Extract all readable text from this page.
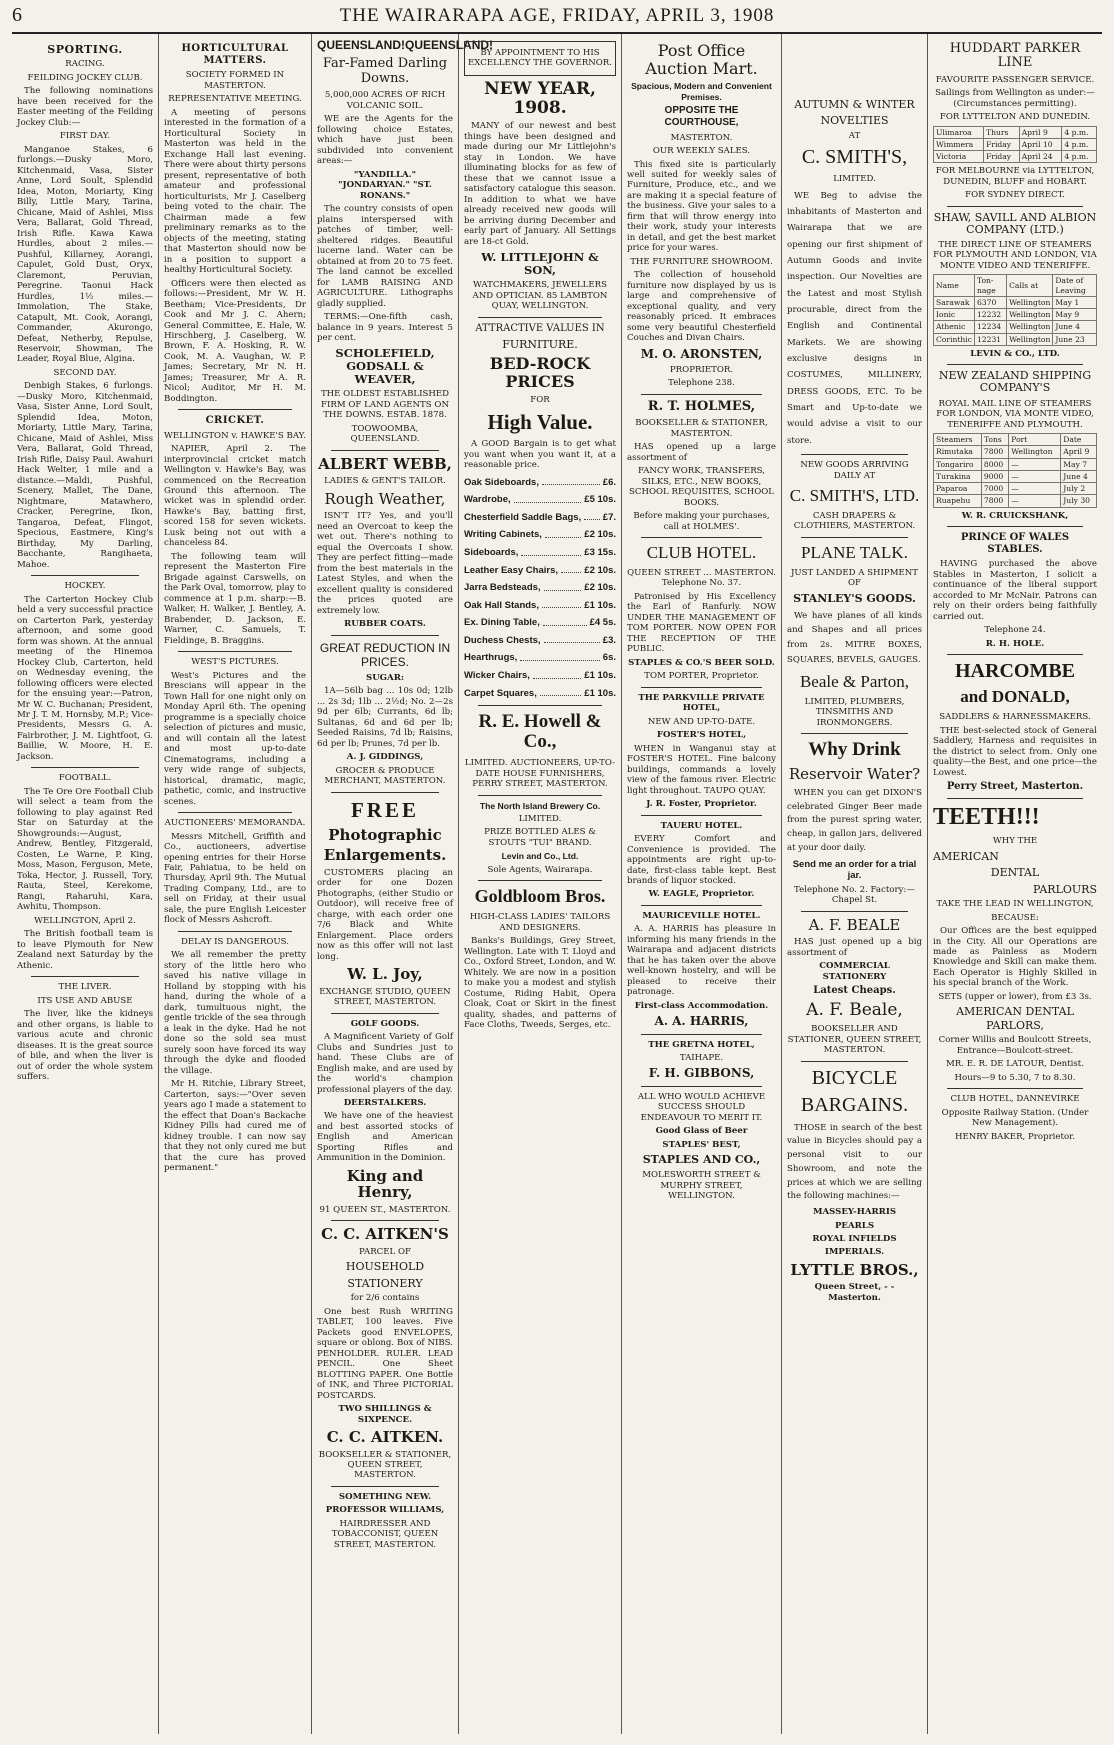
6	THE WAIRARAPA AGE, FRIDAY, APRIL 3, 1908
SPORTING.
RACING.
FEILDING JOCKEY CLUB.
The following nominations have been received for the Easter meeting of the Feilding Jockey Club:—
FIRST DAY.
Manganoe Stakes, 6 furlongs.—Dusky Moro, Kitchenmaid, Vasa, Sister Anne, Lord Soult, Splendid Idea, Moton, Moriarty, King Billy, Little Mary, Tarina, Chicane, Maid of Ashlei, Miss Vera, Ballarat, Gold Thread, Irish Rifle. Kawa Kawa Hurdles, about 2 miles.—Pushful, Killarney, Aorangi, Capulet, Gold Dust, Oryx, Claremont, Peruvian, Peregrine. Taonui Hack Hurdles, 1½ miles.—Immolation, The Stake, Catapult, Mt. Cook, Aorangi, Commander, Akurongo, Defeat, Netherby, Repulse, Reservoir, Showman, The Leader, Royal Blue, Algina.
SECOND DAY.
Denbigh Stakes, 6 furlongs.—Dusky Moro, Kitchenmaid, Vasa, Sister Anne, Lord Soult, Splendid Idea, Moton, Moriarty, Little Mary, Tarina, Chicane, Maid of Ashlei, Miss Vera, Ballarat, Gold Thread, Irish Rifle, Daisy Paul. Awahuri Hack Welter, 1 mile and a distance.—Maldi, Pushful, Scenery, Mallet, The Dane, Nightmare, Matawhero, Cracker, Peregrine, Ikon, Tangaroa, Defeat, Flingot, Specious, Eastmere, King's Birthday, My Darling, Bacchante, Rangihaeta, Mahoe.
HOCKEY.
The Carterton Hockey Club held a very successful practice on Carterton Park, yesterday afternoon, and some good form was shown. At the annual meeting of the Hinemoa Hockey Club, Carterton, held on Wednesday evening, the following officers were elected for the ensuing year:—Patron, Mr W. C. Buchanan; President, Mr J. T. M. Hornsby, M.P.; Vice-Presidents, Messrs G. A. Fairbrother, J. M. Lightfoot, G. Baillie, W. Moore, H. E. Jackson.
FOOTBALL.
The Te Ore Ore Football Club will select a team from the following to play against Red Star on Saturday at the Showgrounds:—August, Andrew, Bentley, Fitzgerald, Costen, Le Warne, P. King, Moss, Mason, Ferguson, Mete, Toka, Hector, J. Russell, Tory, Rauta, Steel, Kerekome, Rangi, Raharuhi, Kara, Awhitu, Thompson.
WELLINGTON, April 2.
The British football team is to leave Plymouth for New Zealand next Saturday by the Athenic.
THE LIVER.
ITS USE AND ABUSE
The liver, like the kidneys and other organs, is liable to various acute and chronic diseases. It is the great source of bile, and when the liver is out of order the whole system suffers.
HORTICULTURAL MATTERS.
SOCIETY FORMED IN MASTERTON.
REPRESENTATIVE MEETING.
A meeting of persons interested in the formation of a Horticultural Society in Masterton was held in the Exchange Hall last evening. There were about thirty persons present, representative of both amateur and professional horticulturists, Mr J. Caselberg being voted to the chair. The Chairman made a few preliminary remarks as to the objects of the meeting, stating that Masterton should now be in a position to support a healthy Horticultural Society.
Officers were then elected as follows:—President, Mr W. H. Beetham; Vice-Presidents, Dr Cook and Mr J. C. Ahern; General Committee, E. Hale, W. Hirschberg, J. Caselberg, W. Brown, F. A. Hosking, R. W. Cook, M. A. Vaughan, W. P. James; Secretary, Mr N. H. James; Treasurer, Mr A. R. Nicol; Auditor, Mr H. M. Boddington.
CRICKET.
WELLINGTON v. HAWKE'S BAY.
NAPIER, April 2. The interprovincial cricket match Wellington v. Hawke's Bay, was commenced on the Recreation Ground this afternoon. The wicket was in splendid order. Hawke's Bay, batting first, scored 158 for seven wickets. Lusk being not out with a chanceless 84.
The following team will represent the Masterton Fire Brigade against Carswells, on the Park Oval, tomorrow, play to commence at 1 p.m. sharp:—B. Walker, H. Walker, J. Bentley, A. Brabender, D. Jackson, E. Warner, C. Samuels, T. Fieldinge, B. Braggins.
WEST'S PICTURES.
West's Pictures and the Brescians will appear in the Town Hall for one night only on Monday April 6th. The opening programme is a specially choice selection of pictures and music, and will contain all the latest and most up-to-date Cinematograms, including a very wide range of subjects, historical, dramatic, magic, pathetic, comic, and instructive scenes.
AUCTIONEERS' MEMORANDA.
Messrs Mitchell, Griffith and Co., auctioneers, advertise opening entries for their Horse Fair, Pahiatua, to be held on Thursday, April 9th. The Mutual Trading Company, Ltd., are to sell on Friday, at their usual sale, the pure English Leicester flock of Messrs Ashcroft.
DELAY IS DANGEROUS.
We all remember the pretty story of the little hero who saved his native village in Holland by stopping with his hand, during the whole of a dark, tumultuous night, the gentle trickle of the sea through a leak in the dyke. Had he not done so the sold sea must surely soon have forced its way through the dyke and flooded the village.
Mr H. Ritchie, Library Street, Carterton, says:—"Over seven years ago I made a statement to the effect that Doan's Backache Kidney Pills had cured me of kidney trouble. I can now say that they not only cured me but that the cure has proved permanent."
QUEENSLAND! QUEENSLAND!
Far-Famed Darling Downs.
5,000,000 ACRES OF RICH VOLCANIC SOIL.
WE are the Agents for the following choice Estates, which have just been subdivided into convenient areas:—
"YANDILLA." "JONDARYAN." "ST. RONANS."
The country consists of open plains interspersed with patches of timber, well-sheltered ridges. Beautiful lucerne land. Water can be obtained at from 20 to 75 feet. The land cannot be excelled for LAMB RAISING AND AGRICULTURE. Lithographs gladly supplied.
TERMS:—One-fifth cash, balance in 9 years. Interest 5 per cent.
SCHOLEFIELD, GODSALL & WEAVER,
THE OLDEST ESTABLISHED FIRM OF LAND AGENTS ON THE DOWNS. ESTAB. 1878.
TOOWOOMBA, QUEENSLAND.
ALBERT WEBB,
LADIES & GENT'S TAILOR.
Rough Weather,
ISN'T IT? Yes, and you'll need an Overcoat to keep the wet out. There's nothing to equal the Overcoats I show. They are perfect fitting—made from the best materials in the Latest Styles, and when the excellent quality is considered the prices quoted are extremely low.
RUBBER COATS.
GREAT REDUCTION IN PRICES.
SUGAR:
1A—56lb bag ... 10s 0d; 12lb ... 2s 3d; 1lb ... 2½d; No. 2—2s 9d per 6lb; Currants, 6d lb; Sultanas, 6d and 6d per lb; Seeded Raisins, 7d lb; Raisins, 6d per lb; Prunes, 7d per lb.
A. J. GIDDINGS,
GROCER & PRODUCE MERCHANT, MASTERTON.
FREE
Photographic
Enlargements.
CUSTOMERS placing an order for one Dozen Photographs, (either Studio or Outdoor), will receive free of charge, with each order one 7/6 Black and White Enlargement. Place orders now as this offer will not last long.
W. L. Joy,
EXCHANGE STUDIO, QUEEN STREET, MASTERTON.
GOLF GOODS.
A Magnificent Variety of Golf Clubs and Sundries just to hand. These Clubs are of English make, and are used by the world's champion professional players of the day.
DEERSTALKERS.
We have one of the heaviest and best assorted stocks of English and American Sporting Rifles and Ammunition in the Dominion.
King and Henry,
91 QUEEN ST., MASTERTON.
C. C. AITKEN'S
PARCEL OF
HOUSEHOLD
STATIONERY
for 2/6 contains
One best Rush WRITING TABLET, 100 leaves. Five Packets good ENVELOPES, square or oblong. Box of NIBS. PENHOLDER. RULER. LEAD PENCIL. One Sheet BLOTTING PAPER. One Bottle of INK, and Three PICTORIAL POSTCARDS.
TWO SHILLINGS & SIXPENCE.
C. C. AITKEN.
BOOKSELLER & STATIONER, QUEEN STREET, MASTERTON.
SOMETHING NEW.
PROFESSOR WILLIAMS,
HAIRDRESSER AND TOBACCONIST, QUEEN STREET, MASTERTON.
BY APPOINTMENT TO HIS EXCELLENCY THE GOVERNOR.
NEW YEAR, 1908.
MANY of our newest and best things have been designed and made during our Mr Littlejohn's stay in London. We have illuminating blocks for as few of these that we cannot issue a satisfactory catalogue this season. In addition to what we have already received new goods will be arriving during December and early part of January. All Settings are 18-ct Gold.
W. LITTLEJOHN & SON,
WATCHMAKERS, JEWELLERS AND OPTICIAN. 85 LAMBTON QUAY, WELLINGTON.
ATTRACTIVE VALUES IN
FURNITURE.
BED-ROCK PRICES
FOR
High Value.
A GOOD Bargain is to get what you want when you want it, at a reasonable price.
Oak Sideboards,	£6.
Wardrobe,	£5 10s.
Chesterfield Saddle Bags, £7.
Writing Cabinets,	£2 10s.
Sideboards,	£3 15s.
Leather Easy Chairs,	£2 10s.
Jarra Bedsteads,	£2 10s.
Oak Hall Stands,	£1 10s.
Ex. Dining Table,	£4 5s.
Duchess Chests,	£3.
Hearthrugs,	6s.
Wicker Chairs,	£1 10s.
Carpet Squares,	£1 10s.
R. E. Howell & Co.,
LIMITED. AUCTIONEERS, UP-TO-DATE HOUSE FURNISHERS, PERRY STREET, MASTERTON.
The North Island Brewery Co.
LIMITED.
PRIZE BOTTLED ALES & STOUTS "TUI" BRAND.
Levin and Co., Ltd.
Sole Agents, Wairarapa.
Goldbloom Bros.
HIGH-CLASS LADIES' TAILORS AND DESIGNERS.
Banks's Buildings, Grey Street, Wellington. Late with T. Lloyd and Co., Oxford Street, London, and W. Whitely. We are now in a position to make you a modest and stylish Costume, Riding Habit, Opera Cloak, Coat or Skirt in the finest quality, shades, and patterns of Face Cloths, Tweeds, Serges, etc.
Post Office Auction Mart.
Spacious, Modern and Convenient Premises.
OPPOSITE THE COURTHOUSE,
MASTERTON.
OUR WEEKLY SALES.
This fixed site is particularly well suited for weekly sales of Furniture, Produce, etc., and we are making it a special feature of the business. Give your sales to a firm that will throw energy into their work, study your interests in detail, and get the best market price for your wares.
THE FURNITURE SHOWROOM.
The collection of household furniture now displayed by us is large and comprehensive of exceptional quality, and very reasonably priced. It embraces some very beautiful Chesterfield Couches and Divan Chairs.
M. O. ARONSTEN,
PROPRIETOR.
Telephone 238.
R. T. HOLMES,
BOOKSELLER & STATIONER, MASTERTON.
HAS opened up a large assortment of
FANCY WORK, TRANSFERS, SILKS, ETC., NEW BOOKS, SCHOOL REQUISITES, SCHOOL BOOKS.
Before making your purchases, call at HOLMES'.
CLUB HOTEL.
QUEEN STREET ... MASTERTON. Telephone No. 37.
Patronised by His Excellency the Earl of Ranfurly. NOW UNDER THE MANAGEMENT OF TOM PORTER. NOW OPEN FOR THE RECEPTION OF THE PUBLIC.
STAPLES & CO.'S BEER SOLD.
TOM PORTER, Proprietor.
THE PARKVILLE PRIVATE HOTEL,
NEW AND UP-TO-DATE.
FOSTER'S HOTEL,
WHEN in Wanganui stay at FOSTER'S HOTEL. Fine balcony buildings, commands a lovely view of the famous river. Electric light throughout. TAUPO QUAY.
J. R. Foster, Proprietor.
TAUERU HOTEL.
EVERY Comfort and Convenience is provided. The appointments are right up-to-date, first-class table kept. Best brands of liquor stocked.
W. EAGLE, Proprietor.
MAURICEVILLE HOTEL.
A. A. HARRIS has pleasure in informing his many friends in the Wairarapa and adjacent districts that he has taken over the above well-known hostelry, and will be pleased to receive their patronage.
First-class Accommodation.
A. A. HARRIS,
THE GRETNA HOTEL,
TAIHAPE.
F. H. GIBBONS,
ALL WHO WOULD ACHIEVE SUCCESS SHOULD ENDEAVOUR TO MERIT IT.
Good Glass of Beer
STAPLES' BEST,
STAPLES AND CO.,
MOLESWORTH STREET & MURPHY STREET, WELLINGTON.
AUTUMN & WINTER
NOVELTIES
AT
C. SMITH'S,
LIMITED.
WE Beg to advise the inhabitants of Masterton and Wairarapa that we are opening our first shipment of Autumn Goods and invite inspection. Our Novelties are the Latest and most Stylish procurable, direct from the English and Continental Markets. We are showing exclusive designs in COSTUMES, MILLINERY, DRESS GOODS, ETC. To be Smart and Up-to-date we would advise a visit to our store.
NEW GOODS ARRIVING DAILY AT
C. SMITH'S, LTD.
CASH DRAPERS & CLOTHIERS, MASTERTON.
PLANE TALK.
JUST LANDED A SHIPMENT OF
STANLEY'S GOODS.
We have planes of all kinds and Shapes and all prices from 2s. MITRE BOXES, SQUARES, BEVELS, GAUGES.
Beale & Parton,
LIMITED, PLUMBERS, TINSMITHS AND IRONMONGERS.
Why Drink
Reservoir Water?
WHEN you can get DIXON'S celebrated Ginger Beer made from the purest spring water, cheap, in gallon jars, delivered at your door daily.
Send me an order for a trial jar.
Telephone No. 2. Factory:—Chapel St.
A. F. BEALE
HAS just opened up a big assortment of
COMMERCIAL STATIONERY
Latest Cheaps.
A. F. Beale,
BOOKSELLER AND STATIONER, QUEEN STREET, MASTERTON.
BICYCLE
BARGAINS.
THOSE in search of the best value in Bicycles should pay a personal visit to our Showroom, and note the prices at which we are selling the following machines:—
MASSEY-HARRIS
PEARLS
ROYAL INFIELDS
IMPERIALS.
LYTTLE BROS.,
Queen Street, - - Masterton.
HUDDART PARKER LINE
FAVOURITE PASSENGER SERVICE.
Sailings from Wellington as under:— (Circumstances permitting).
FOR LYTTELTON AND DUNEDIN.
Ulimaroa	Thurs	April 9	4 p.m.
Wimmera	Friday	April 10	4 p.m.
Victoria	Friday	April 24	4 p.m.
FOR MELBOURNE via LYTTELTON, DUNEDIN, BLUFF and HOBART.
FOR SYDNEY DIRECT.
SHAW, SAVILL AND ALBION COMPANY (LTD.)
THE DIRECT LINE OF STEAMERS FOR PLYMOUTH AND LONDON, VIA MONTE VIDEO AND TENERIFFE.
Name	Ton-nage	Calls at	Date of Leaving
Sarawak	6370	Wellington	May 1
Ionic	12232	Wellington	May 9
Athenic	12234	Wellington	June 4
Corinthic	12231	Wellington	June 23
LEVIN & CO., LTD.
NEW ZEALAND SHIPPING COMPANY'S
ROYAL MAIL LINE OF STEAMERS FOR LONDON, VIA MONTE VIDEO, TENERIFFE AND PLYMOUTH.
Steamers	Tons	Port	Date
Rimutaka	7800	Wellington	April 9
Tongariro	8000	—	May 7
Turakina	9000	—	June 4
Paparoa	7000	—	July 2
Ruapehu	7800	—	July 30
W. R. CRUICKSHANK,
PRINCE OF WALES STABLES.
HAVING purchased the above Stables in Masterton, I solicit a continuance of the liberal support accorded to Mr McNair. Patrons can rely on their orders being faithfully carried out.
Telephone 24.
R. H. HOLE.
HARCOMBE
and DONALD,
SADDLERS & HARNESSMAKERS.
THE best-selected stock of General Saddlery, Harness and requisites in the district to select from. Only one quality—the Best, and one price—the Lowest.
Perry Street, Masterton.
TEETH!!!
WHY THE
AMERICAN
DENTAL
PARLOURS
TAKE THE LEAD IN WELLINGTON,
BECAUSE:
Our Offices are the best equipped in the City. All our Operations are made as Painless as Modern Knowledge and Skill can make them. Each Operator is Highly Skilled in his special branch of the Work.
SETS (upper or lower), from £3 3s.
AMERICAN DENTAL PARLORS,
Corner Willis and Boulcott Streets, Entrance—Boulcott-street.
MR. E. R. DE LATOUR, Dentist.
Hours—9 to 5.30, 7 to 8.30.
CLUB HOTEL, DANNEVIRKE
Opposite Railway Station. (Under New Management).
HENRY BAKER, Proprietor.
